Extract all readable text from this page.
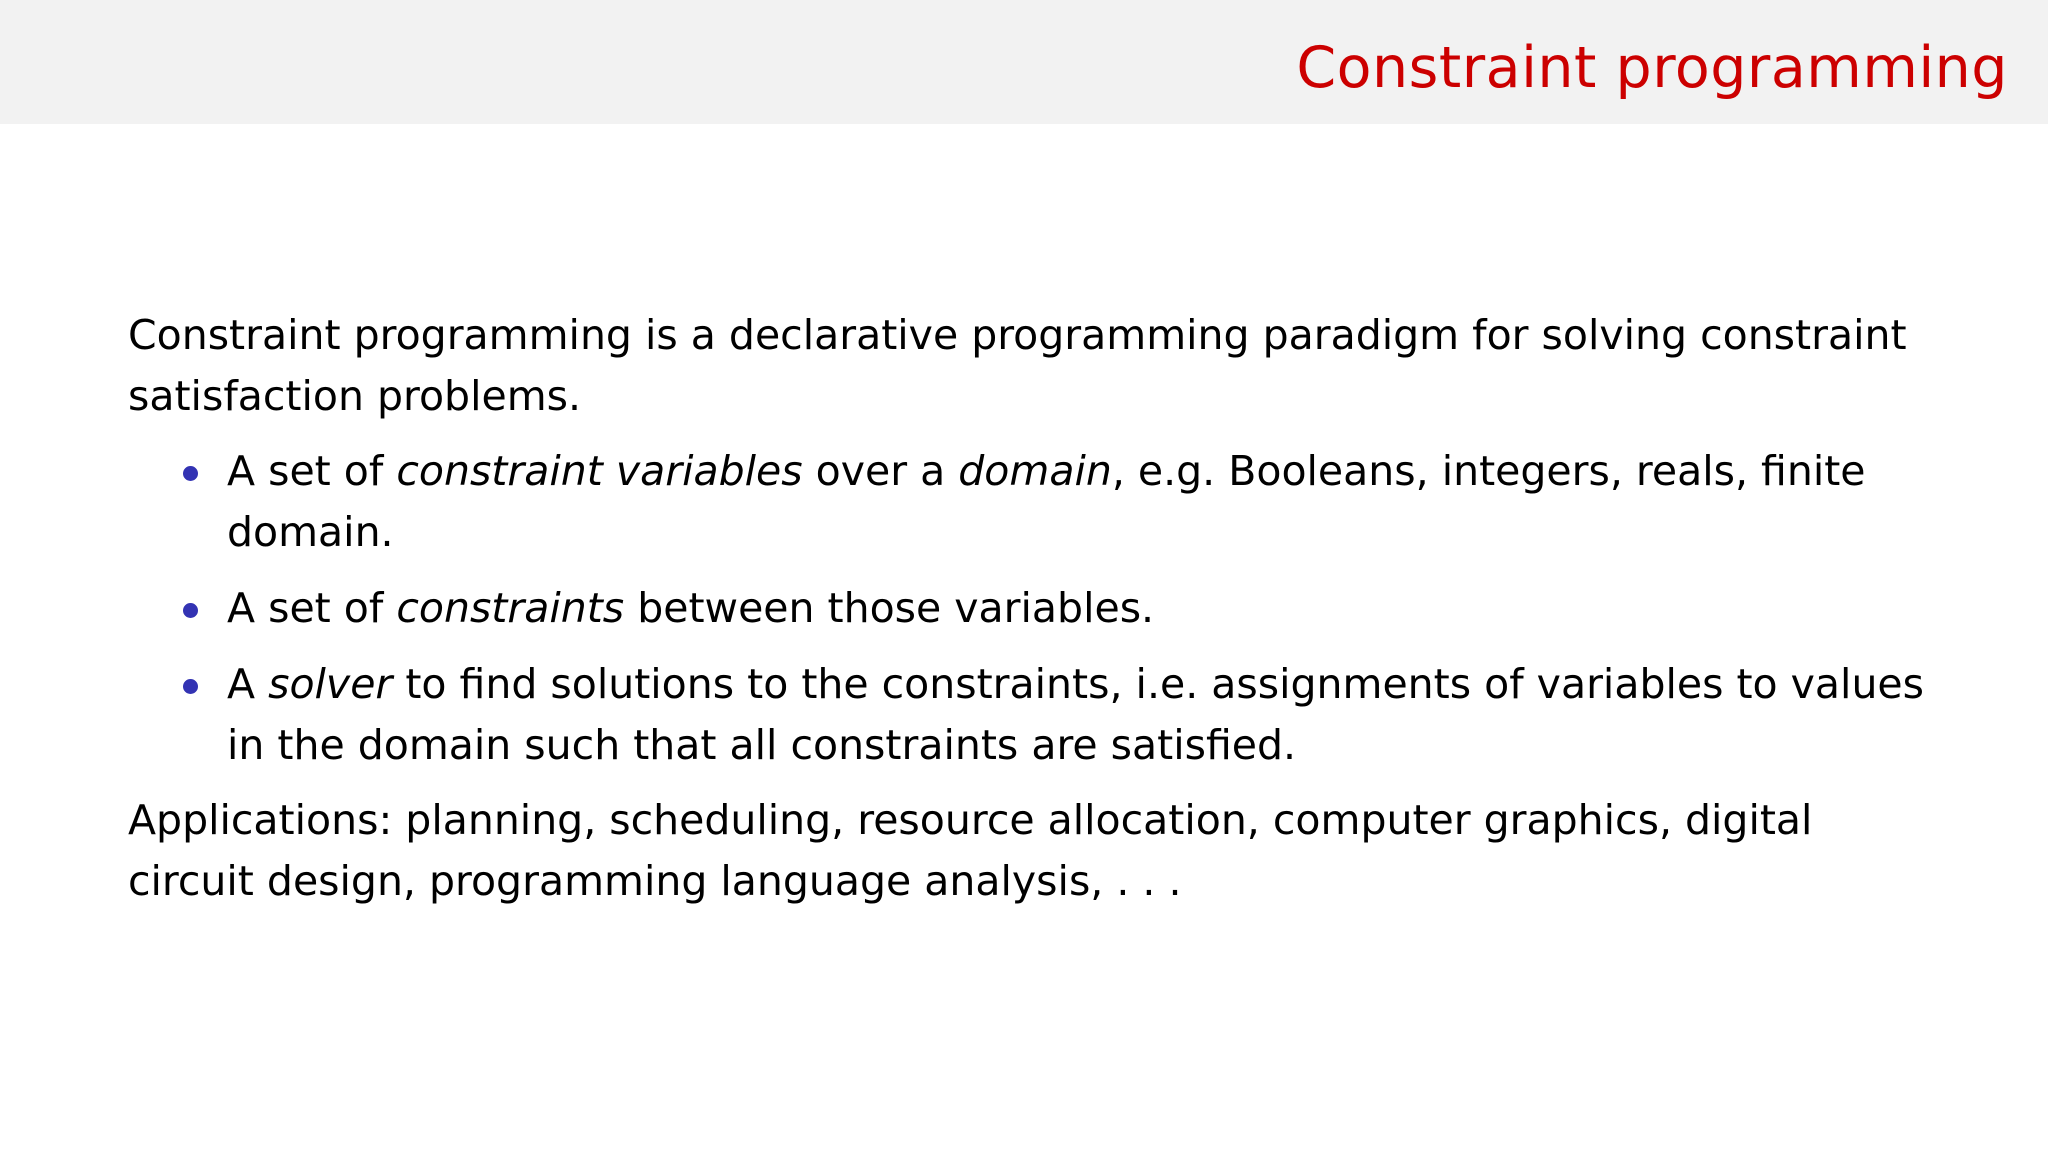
Constraint programming

Constraint programming is a declarative programming paradigm for solving constraint
satisfaction problems.

A set of constraint variables over a domain, e.g. Booleans, integers, reals, finite
domain.
A set of constraints between those variables.
A solver to find solutions to the constraints, i.e. assignments of variables to values
in the domain such that all constraints are satisfied.

Applications: planning, scheduling, resource allocation, computer graphics, digital
circuit design, programming language analysis, . . .
